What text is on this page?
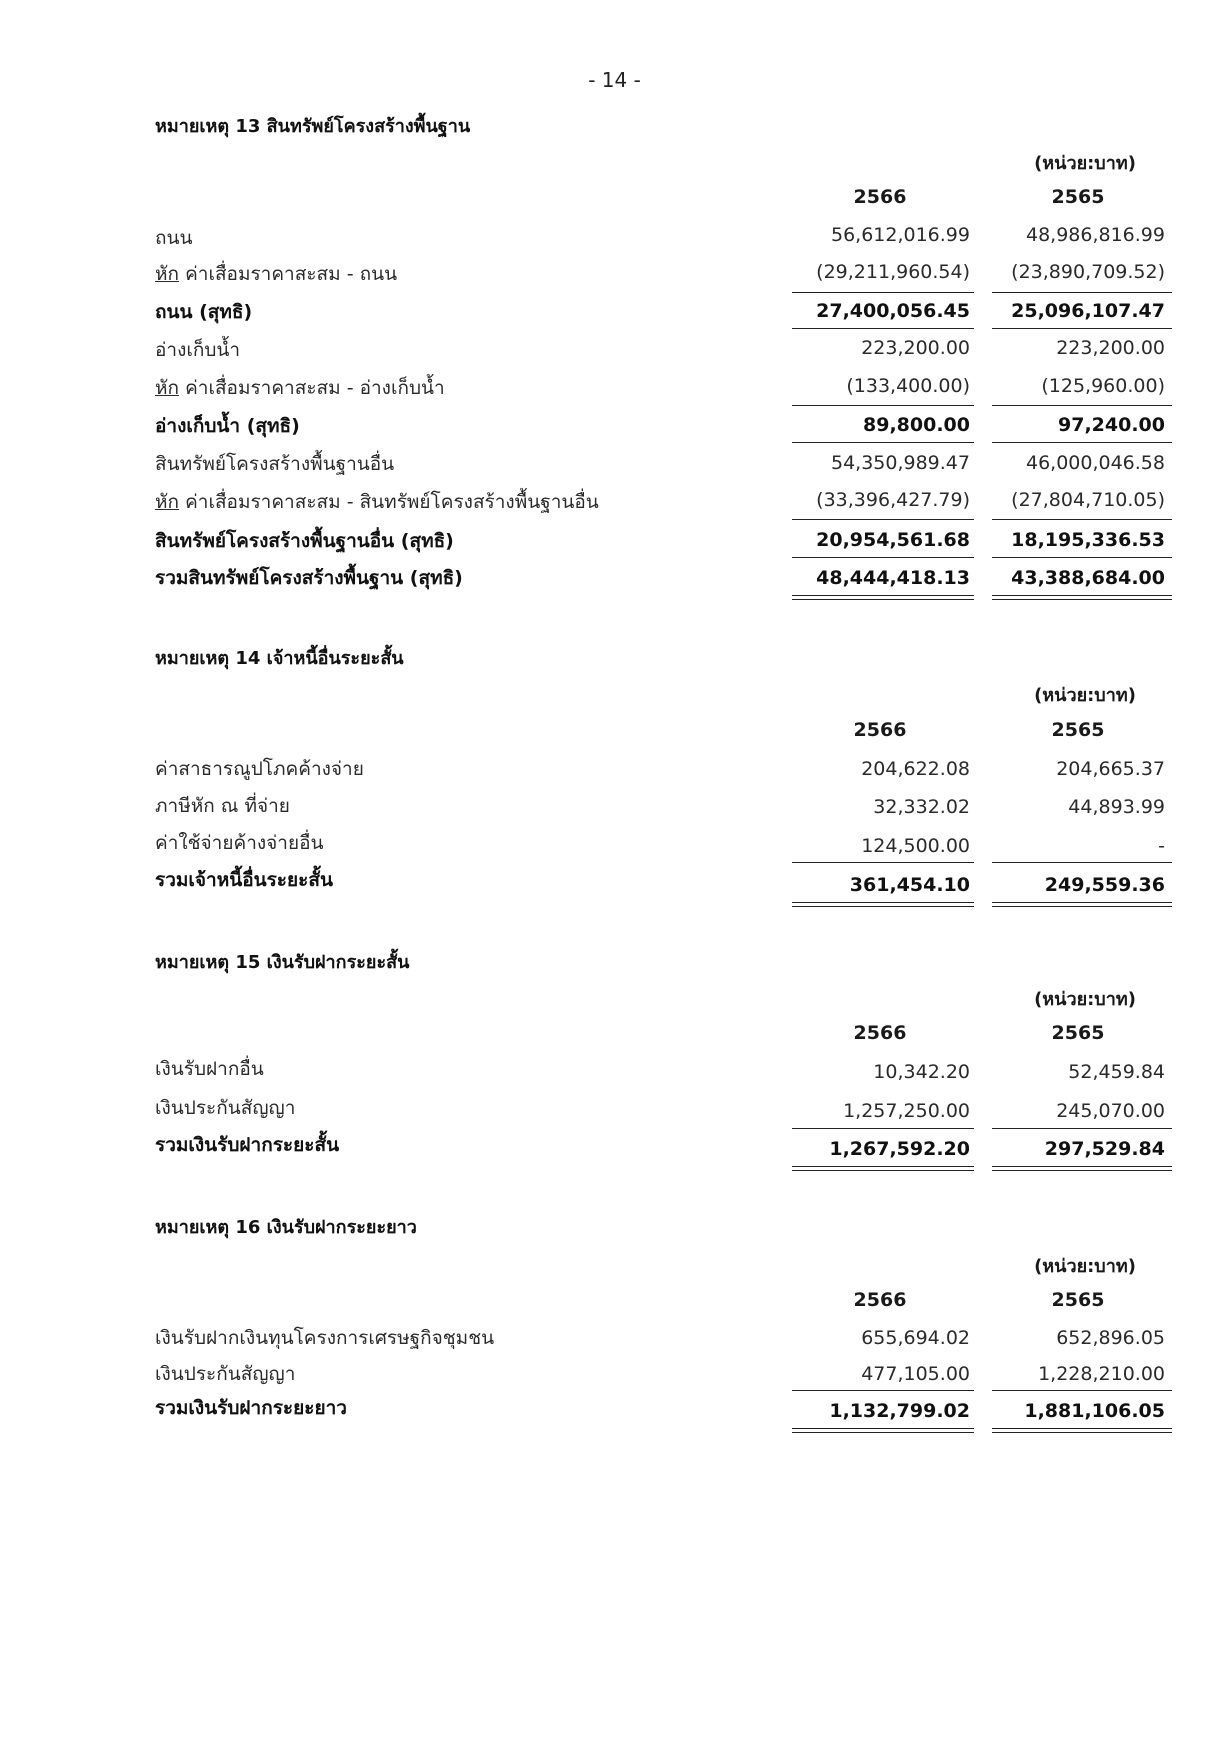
- 14 -
หมายเหตุ 13 สินทรัพย์โครงสร้างพื้นฐาน
(หน่วย:บาท)
2566	2565
ถนน	56,612,016.99	48,986,816.99
หัก ค่าเสื่อมราคาสะสม - ถนน	(29,211,960.54)	(23,890,709.52)
ถนน (สุทธิ)	27,400,056.45	25,096,107.47
อ่างเก็บน้ำ	223,200.00	223,200.00
หัก ค่าเสื่อมราคาสะสม - อ่างเก็บน้ำ	(133,400.00)	(125,960.00)
อ่างเก็บน้ำ (สุทธิ)	89,800.00	97,240.00
สินทรัพย์โครงสร้างพื้นฐานอื่น	54,350,989.47	46,000,046.58
หัก ค่าเสื่อมราคาสะสม - สินทรัพย์โครงสร้างพื้นฐานอื่น	(33,396,427.79)	(27,804,710.05)
สินทรัพย์โครงสร้างพื้นฐานอื่น (สุทธิ)	20,954,561.68	18,195,336.53
รวมสินทรัพย์โครงสร้างพื้นฐาน (สุทธิ)	48,444,418.13	43,388,684.00
หมายเหตุ 14 เจ้าหนี้อื่นระยะสั้น
(หน่วย:บาท)
2566	2565
ค่าสาธารณูปโภคค้างจ่าย	204,622.08	204,665.37
ภาษีหัก ณ ที่จ่าย	32,332.02	44,893.99
ค่าใช้จ่ายค้างจ่ายอื่น	124,500.00	-
รวมเจ้าหนี้อื่นระยะสั้น	361,454.10	249,559.36
หมายเหตุ 15 เงินรับฝากระยะสั้น
(หน่วย:บาท)
2566	2565
เงินรับฝากอื่น	10,342.20	52,459.84
เงินประกันสัญญา	1,257,250.00	245,070.00
รวมเงินรับฝากระยะสั้น	1,267,592.20	297,529.84
หมายเหตุ 16 เงินรับฝากระยะยาว
(หน่วย:บาท)
2566	2565
เงินรับฝากเงินทุนโครงการเศรษฐกิจชุมชน	655,694.02	652,896.05
เงินประกันสัญญา	477,105.00	1,228,210.00
รวมเงินรับฝากระยะยาว	1,132,799.02	1,881,106.05
